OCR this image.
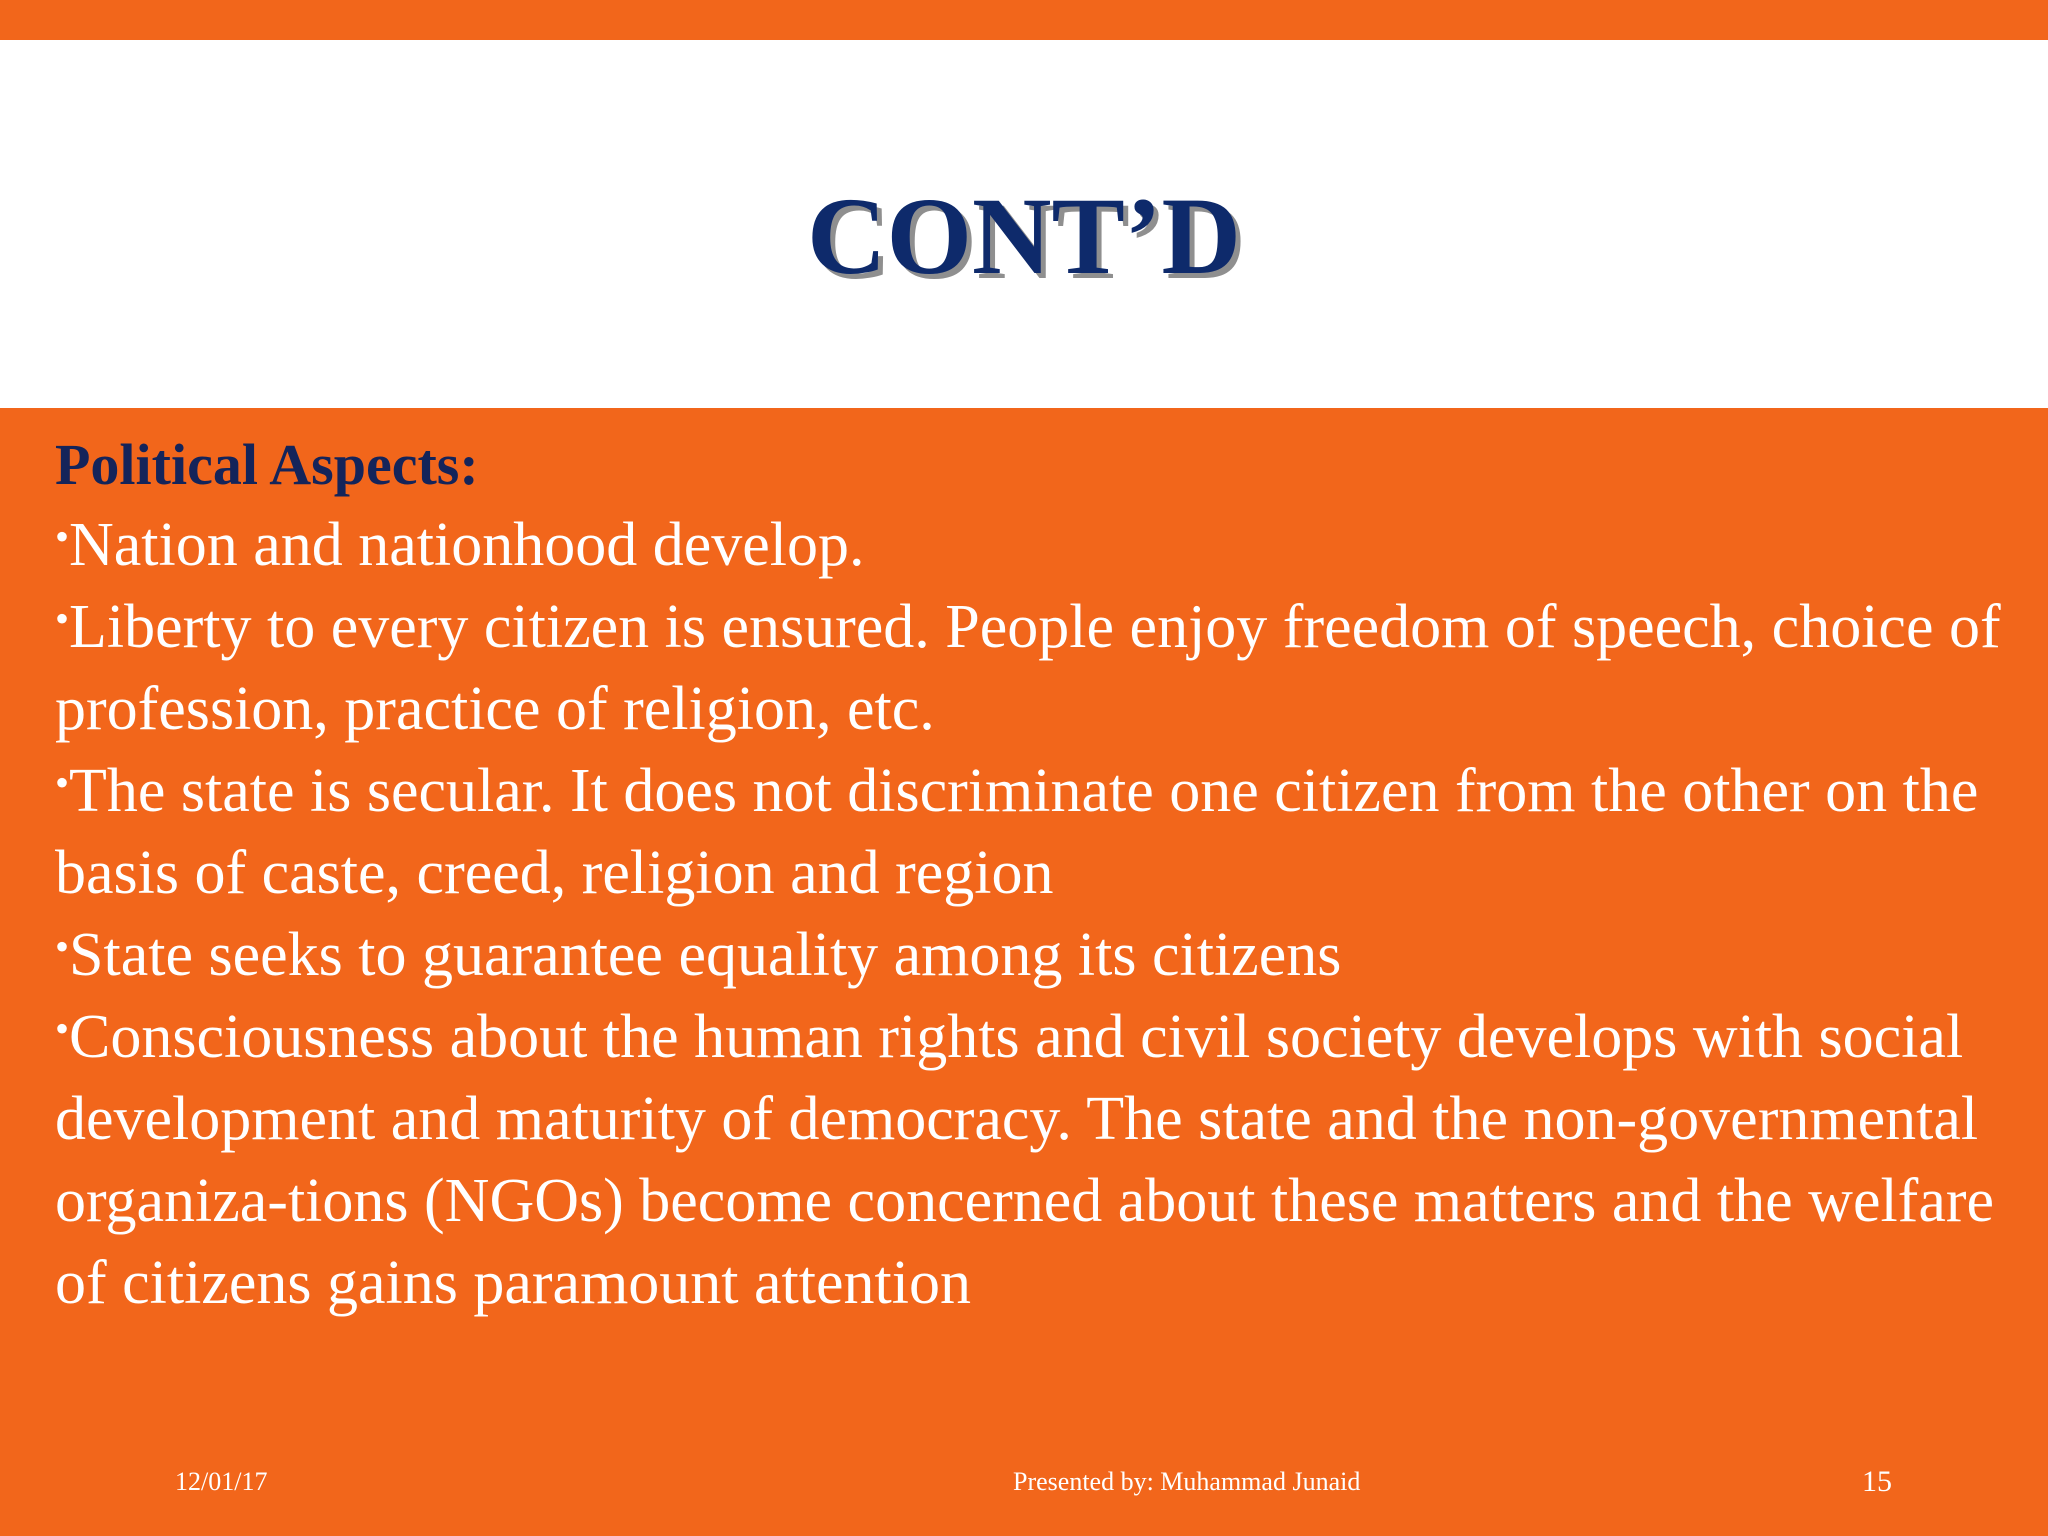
CONT’D

Political Aspects:

•Nation and nationhood develop.

•Liberty to every citizen is ensured. People enjoy freedom of speech, choice of profession, practice of religion, etc.

•The state is secular. It does not discriminate one citizen from the other on the basis of caste, creed, religion and region

•State seeks to guarantee equality among its citizens

•Consciousness about the human rights and civil society develops with social development and maturity of democracy. The state and the non-governmental organiza-tions (NGOs) become concerned about these matters and the welfare of citizens gains paramount attention

12/01/17	Presented by: Muhammad Junaid	15
